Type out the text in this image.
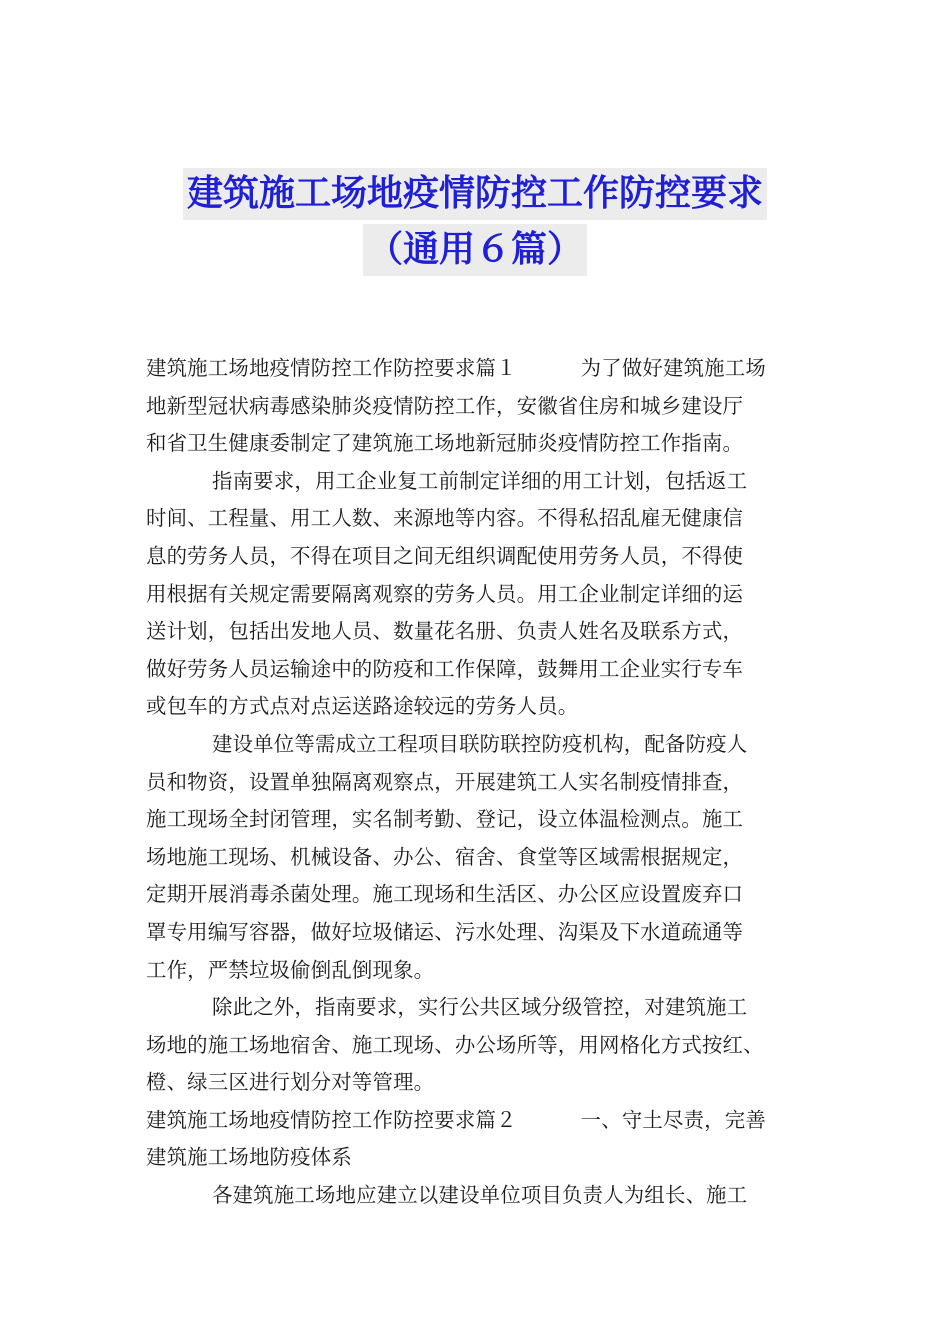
建筑施工场地疫情防控工作防控要求
（通用６篇）
建筑施工场地疫情防控工作防控要求篇１	为了做好建筑施工场
地新型冠状病毒感染肺炎疫情防控工作，安徽省住房和城乡建设厅
和省卫生健康委制定了建筑施工场地新冠肺炎疫情防控工作指南。
指南要求，用工企业复工前制定详细的用工计划，包括返工
时间、工程量、用工人数、来源地等内容。不得私招乱雇无健康信
息的劳务人员，不得在项目之间无组织调配使用劳务人员，不得使
用根据有关规定需要隔离观察的劳务人员。用工企业制定详细的运
送计划，包括出发地人员、数量花名册、负责人姓名及联系方式，
做好劳务人员运输途中的防疫和工作保障，鼓舞用工企业实行专车
或包车的方式点对点运送路途较远的劳务人员。
建设单位等需成立工程项目联防联控防疫机构，配备防疫人
员和物资，设置单独隔离观察点，开展建筑工人实名制疫情排查，
施工现场全封闭管理，实名制考勤、登记，设立体温检测点。施工
场地施工现场、机械设备、办公、宿舍、食堂等区域需根据规定，
定期开展消毒杀菌处理。施工现场和生活区、办公区应设置废弃口
罩专用编写容器，做好垃圾储运、污水处理、沟渠及下水道疏通等
工作，严禁垃圾偷倒乱倒现象。
除此之外，指南要求，实行公共区域分级管控，对建筑施工
场地的施工场地宿舍、施工现场、办公场所等，用网格化方式按红、
橙、绿三区进行划分对等管理。
建筑施工场地疫情防控工作防控要求篇２	一、守土尽责，完善
建筑施工场地防疫体系
各建筑施工场地应建立以建设单位项目负责人为组长、施工
